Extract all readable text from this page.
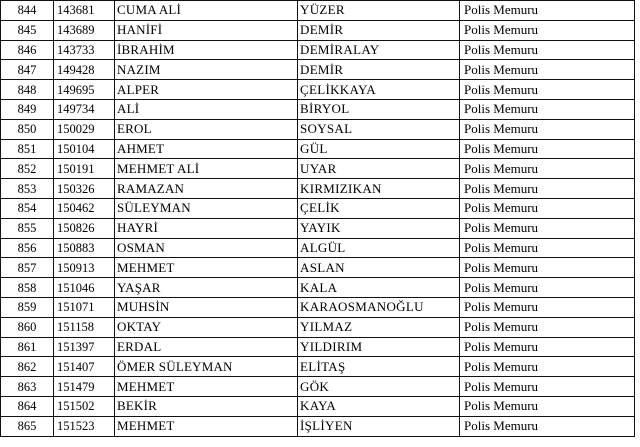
844	143681	CUMA ALİ	YÜZER	Polis Memuru
845	143689	HANİFİ	DEMİR	Polis Memuru
846	143733	İBRAHİM	DEMİRALAY	Polis Memuru
847	149428	NAZIM	DEMİR	Polis Memuru
848	149695	ALPER	ÇELİKKAYA	Polis Memuru
849	149734	ALİ	BİRYOL	Polis Memuru
850	150029	EROL	SOYSAL	Polis Memuru
851	150104	AHMET	GÜL	Polis Memuru
852	150191	MEHMET ALİ	UYAR	Polis Memuru
853	150326	RAMAZAN	KIRMIZIKAN	Polis Memuru
854	150462	SÜLEYMAN	ÇELİK	Polis Memuru
855	150826	HAYRİ	YAYIK	Polis Memuru
856	150883	OSMAN	ALGÜL	Polis Memuru
857	150913	MEHMET	ASLAN	Polis Memuru
858	151046	YAŞAR	KALA	Polis Memuru
859	151071	MUHSİN	KARAOSMANOĞLU	Polis Memuru
860	151158	OKTAY	YILMAZ	Polis Memuru
861	151397	ERDAL	YILDIRIM	Polis Memuru
862	151407	ÖMER SÜLEYMAN	ELİTAŞ	Polis Memuru
863	151479	MEHMET	GÖK	Polis Memuru
864	151502	BEKİR	KAYA	Polis Memuru
865	151523	MEHMET	İŞLİYEN	Polis Memuru
